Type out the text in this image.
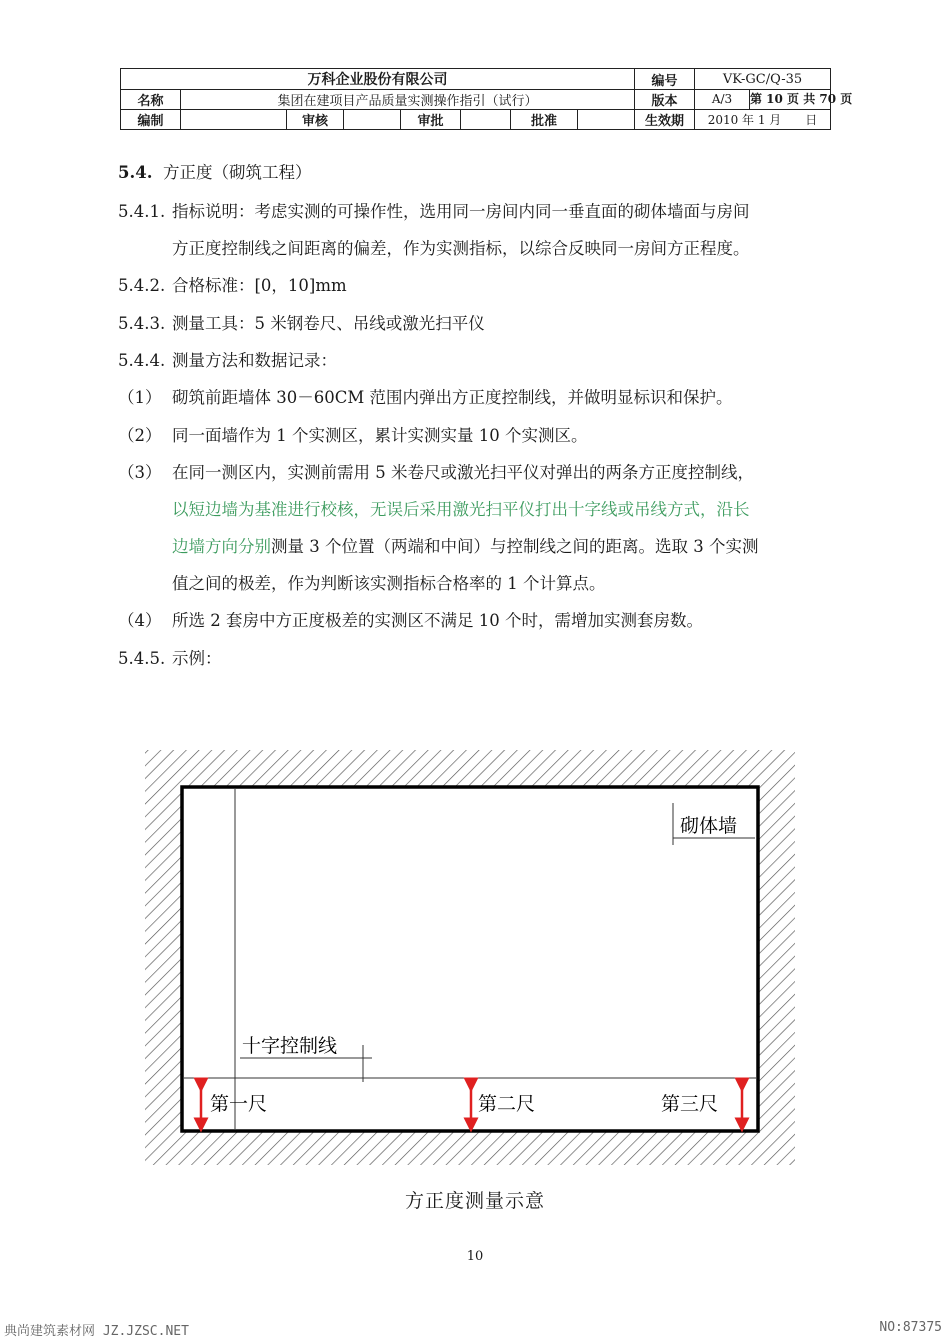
万科企业股份有限公司								编号	VK-GC/Q-35
名称	集团在建项目产品质量实测操作指引（试行）							版本	A/3 第 10 页 共 70 页
编制		审核		审批		批准		生效期	2010 年 1 月　　日
5.4. 方正度（砌筑工程）
5.4.1. 指标说明：考虑实测的可操作性，选用同一房间内同一垂直面的砌体墙面与房间
方正度控制线之间距离的偏差，作为实测指标，以综合反映同一房间方正程度。
5.4.2. 合格标准：[0，10]mm
5.4.3. 测量工具：5 米钢卷尺、吊线或激光扫平仪
5.4.4. 测量方法和数据记录：
（1） 砌筑前距墙体 30－60CM 范围内弹出方正度控制线，并做明显标识和保护。
（2） 同一面墙作为 1 个实测区，累计实测实量 10 个实测区。
（3） 在同一测区内，实测前需用 5 米卷尺或激光扫平仪对弹出的两条方正度控制线，
以短边墙为基准进行校核，无误后采用激光扫平仪打出十字线或吊线方式，沿长
边墙方向分别测量 3 个位置（两端和中间）与控制线之间的距离。选取 3 个实测
值之间的极差，作为判断该实测指标合格率的 1 个计算点。
（4） 所选 2 套房中方正度极差的实测区不满足 10 个时，需增加实测套房数。
5.4.5. 示例：
砌体墙
十字控制线
第一尺	第二尺	第三尺
方正度测量示意
10
典尚建筑素材网 JZ.JZSC.NET	NO:87375
